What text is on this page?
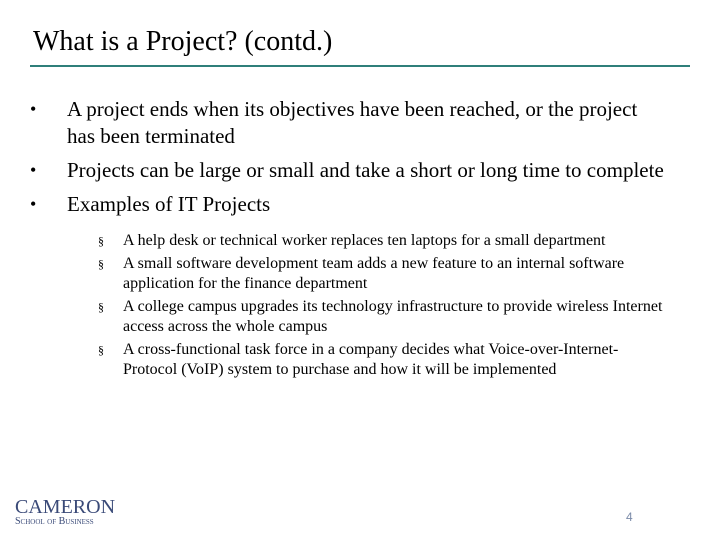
What is a Project? (contd.)
• A project ends when its objectives have been reached, or the project has been terminated
• Projects can be large or small and take a short or long time to complete
• Examples of IT Projects
§ A help desk or technical worker replaces ten laptops for a small department
§ A small software development team adds a new feature to an internal software application for the finance department
§ A college campus upgrades its technology infrastructure to provide wireless Internet access across the whole campus
§ A cross-functional task force in a company decides what Voice-over-Internet-Protocol (VoIP) system to purchase and how it will be implemented
CAMERON
School of Business	4
